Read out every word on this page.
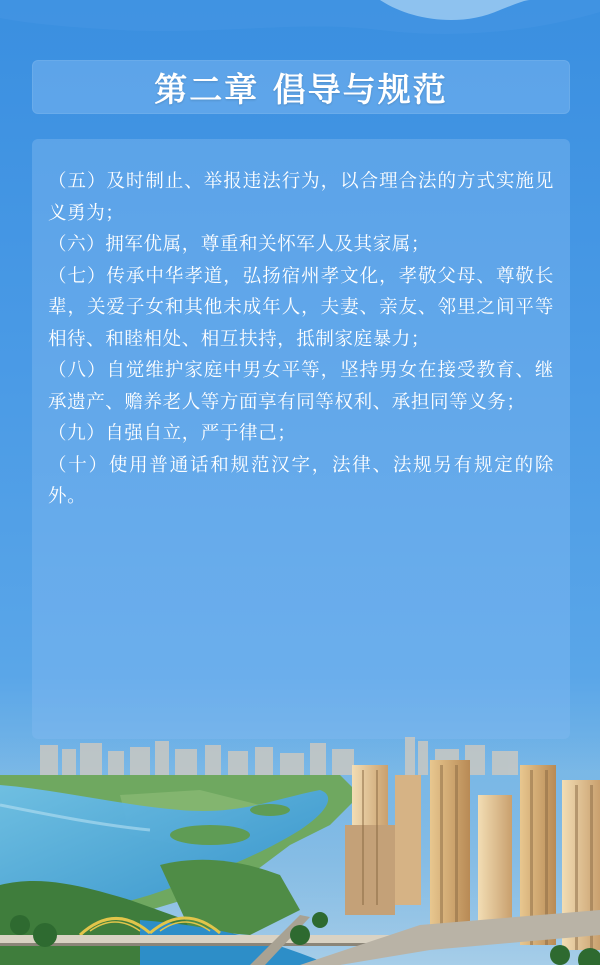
第二章 倡导与规范

（五）及时制止、举报违法行为，以合理合法的方式实施见义勇为；

（六）拥军优属，尊重和关怀军人及其家属；

（七）传承中华孝道，弘扬宿州孝文化，孝敬父母、尊敬长辈，关爱子女和其他未成年人，夫妻、亲友、邻里之间平等相待、和睦相处、相互扶持，抵制家庭暴力；

（八）自觉维护家庭中男女平等，坚持男女在接受教育、继承遗产、赡养老人等方面享有同等权利、承担同等义务；

（九）自强自立，严于律己；

（十）使用普通话和规范汉字，法律、法规另有规定的除外。
